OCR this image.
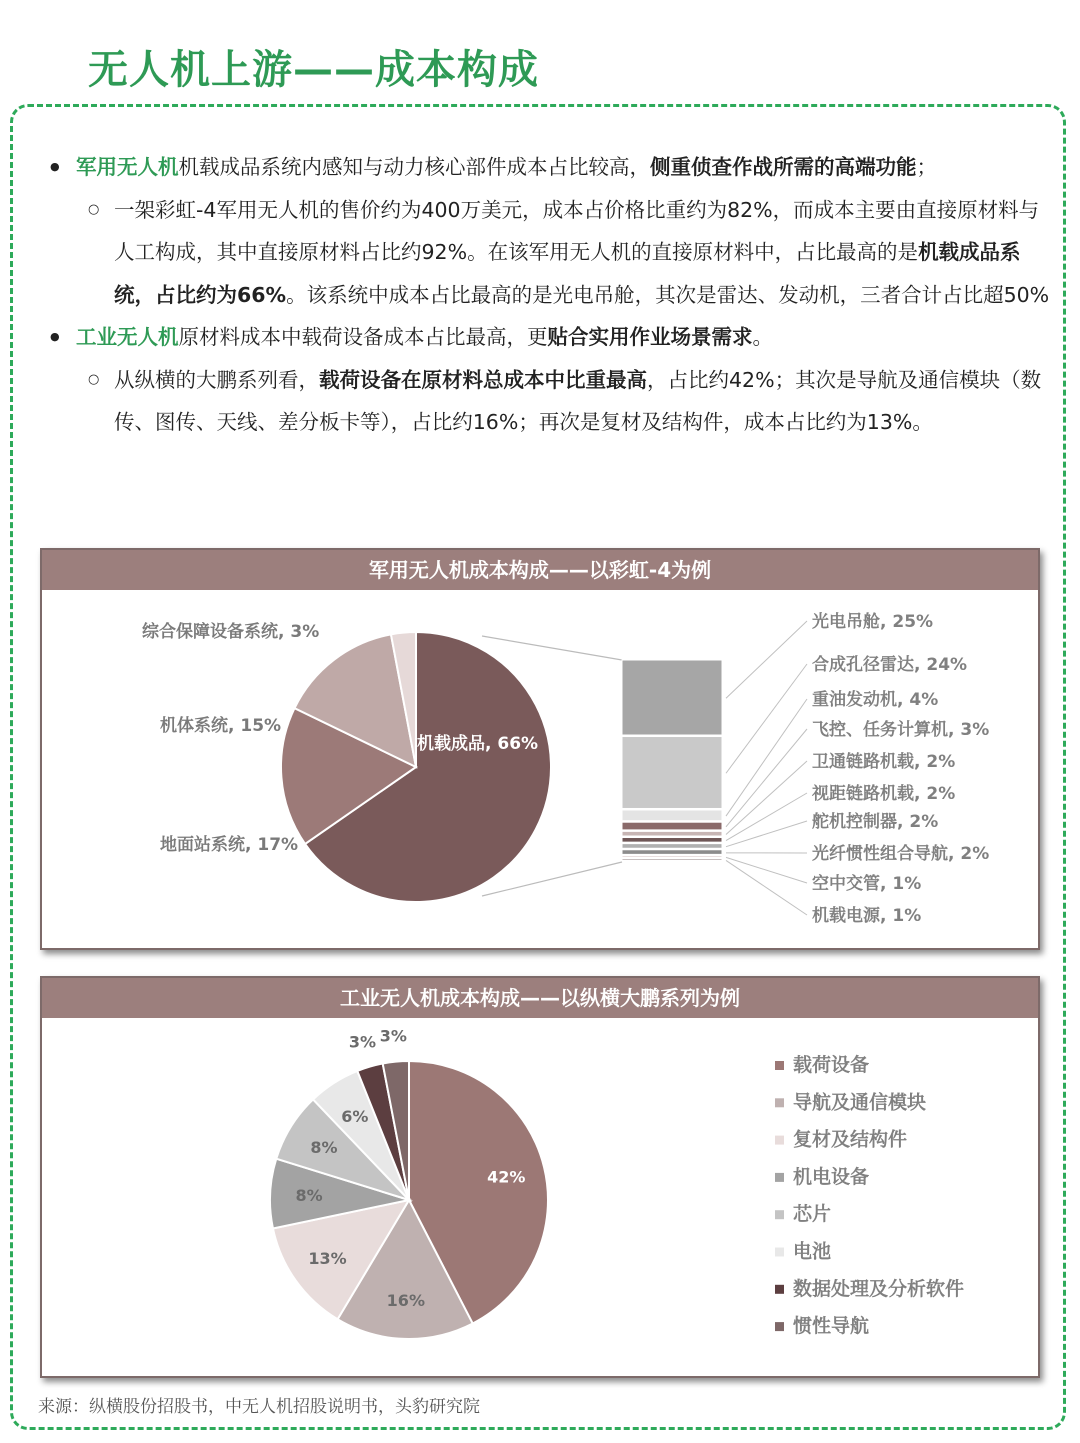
无人机上游——成本构成
● 军用无人机机载成品系统内感知与动力核心部件成本占比较高，侧重侦查作战所需的高端功能；
○ 一架彩虹-4军用无人机的售价约为400万美元，成本占价格比重约为82%，而成本主要由直接原材料与人工构成，其中直接原材料占比约92%。在该军用无人机的直接原材料中，占比最高的是机载成品系统，占比约为66%。该系统中成本占比最高的是光电吊舱，其次是雷达、发动机，三者合计占比超50%
● 工业无人机原材料成本中载荷设备成本占比最高，更贴合实用作业场景需求。
○ 从纵横的大鹏系列看，载荷设备在原材料总成本中比重最高，占比约42%；其次是导航及通信模块（数传、图传、天线、差分板卡等），占比约16%；再次是复材及结构件，成本占比约为13%。
军用无人机成本构成——以彩虹-4为例
机载成品, 66%
地面站系统, 17%
机体系统, 15%
综合保障设备系统, 3%	光电吊舱, 25%
合成孔径雷达, 24%
重油发动机, 4%
飞控、任务计算机, 3%
卫通链路机载, 2%
视距链路机载, 2%
舵机控制器, 2%
光纤惯性组合导航, 2%
空中交管, 1%
机载电源, 1%
工业无人机成本构成——以纵横大鹏系列为例
42%
16%
13%
8%
8%
6%
3% 3%
载荷设备
导航及通信模块
复材及结构件
机电设备
芯片
电池
数据处理及分析软件
惯性导航
来源：纵横股份招股书，中无人机招股说明书，头豹研究院
